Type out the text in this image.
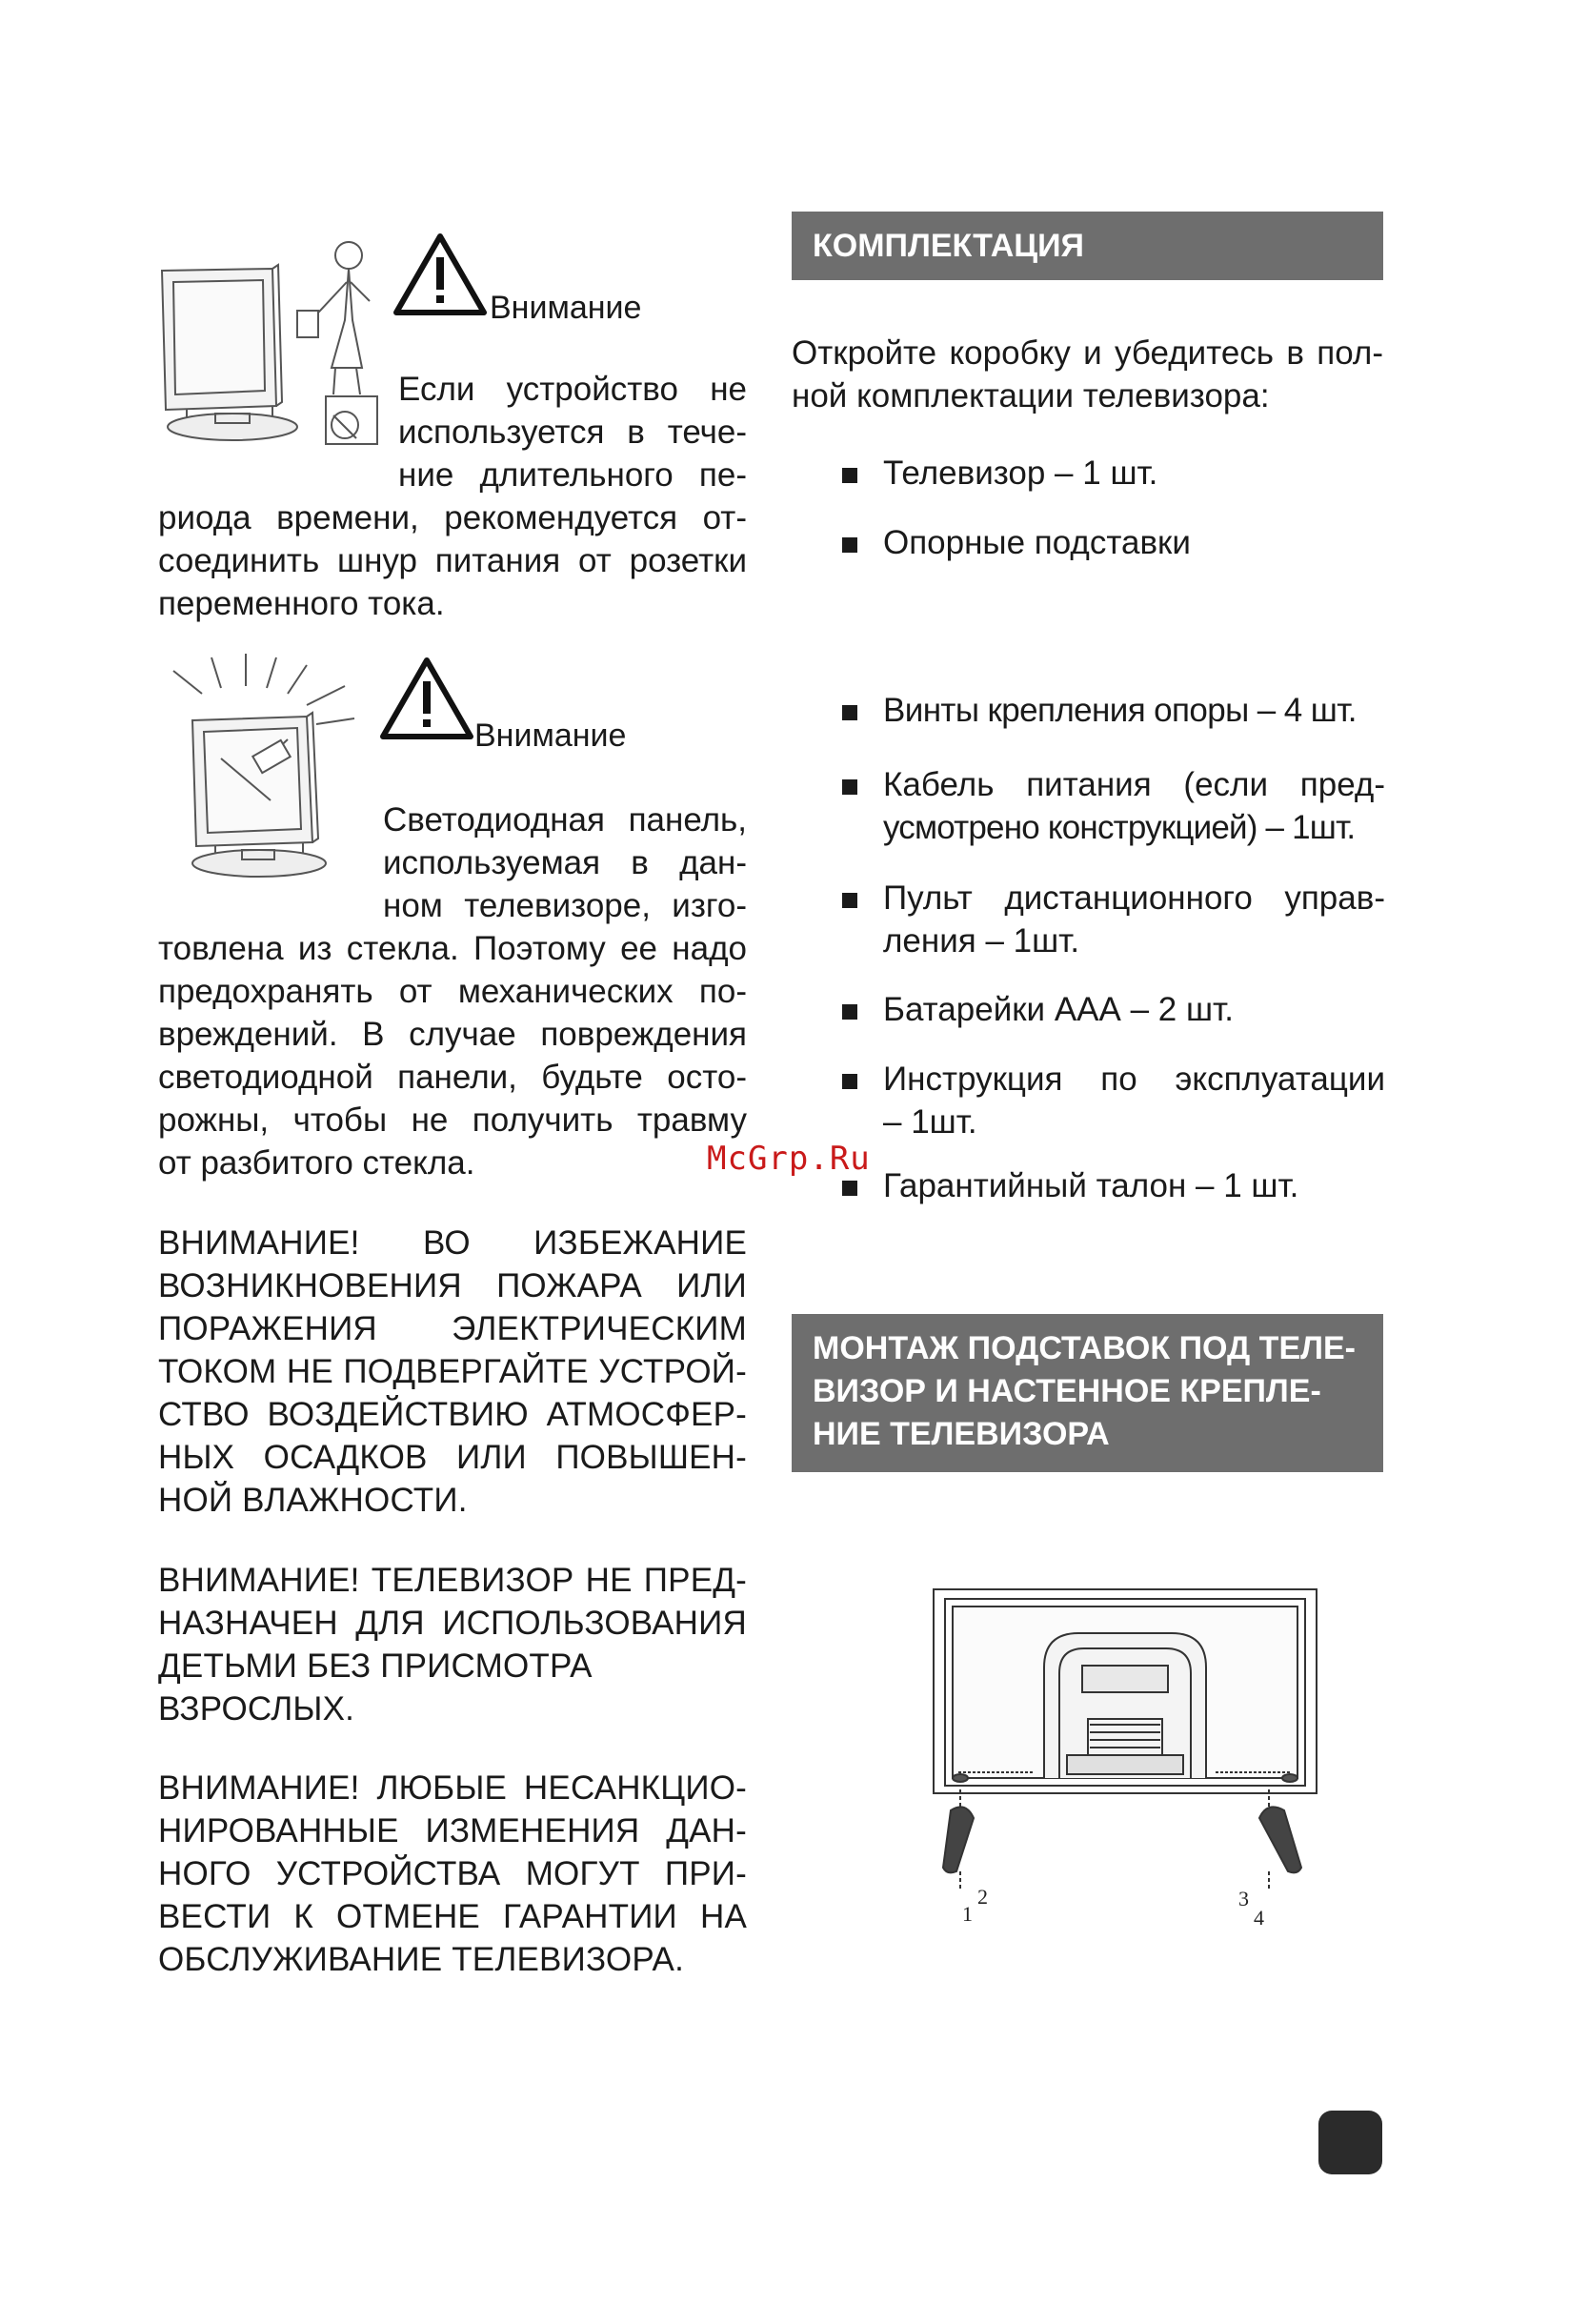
Внимание
Если устройство не
используется в тече-
ние длительного пе-
риода времени, рекомендуется от-
соединить шнур питания от розетки
переменного тока.
Внимание
Светодиодная панель,
используемая в дан-
ном телевизоре, изго-
товлена из стекла. Поэтому ее надо
предохранять от механических по-
вреждений. В случае повреждения
светодиодной панели, будьте осто-
рожны, чтобы не получить травму
от разбитого стекла.
ВНИМАНИЕ! ВО ИЗБЕЖАНИЕ
ВОЗНИКНОВЕНИЯ ПОЖАРА ИЛИ
ПОРАЖЕНИЯ ЭЛЕКТРИЧЕСКИМ
ТОКОМ НЕ ПОДВЕРГАЙТЕ УСТРОЙ-
СТВО ВОЗДЕЙСТВИЮ АТМОСФЕР-
НЫХ ОСАДКОВ ИЛИ ПОВЫШЕН-
НОЙ ВЛАЖНОСТИ.
ВНИМАНИЕ! ТЕЛЕВИЗОР НЕ ПРЕД-
НАЗНАЧЕН ДЛЯ ИСПОЛЬЗОВАНИЯ
ДЕТЬМИ БЕЗ ПРИСМОТРА
ВЗРОСЛЫХ.
ВНИМАНИЕ! ЛЮБЫЕ НЕСАНКЦИО-
НИРОВАННЫЕ ИЗМЕНЕНИЯ ДАН-
НОГО УСТРОЙСТВА МОГУТ ПРИ-
ВЕСТИ К ОТМЕНЕ ГАРАНТИИ НА
ОБСЛУЖИВАНИЕ ТЕЛЕВИЗОРА.
КОМПЛЕКТАЦИЯ
Откройте коробку и убедитесь в пол-
ной комплектации телевизора:
Телевизор – 1 шт.
Опорные подставки
Винты крепления опоры – 4 шт.
Кабель питания (если пред-
усмотрено конструкцией) – 1шт.
Пульт дистанционного управ-
ления – 1шт.
Батарейки ААА – 2 шт.
Инструкция по эксплуатации
– 1шт.
Гарантийный талон – 1 шт.
McGrp.Ru
МОНТАЖ ПОДСТАВОК ПОД ТЕЛЕ-
ВИЗОР И НАСТЕННОЕ КРЕПЛЕ-
НИЕ ТЕЛЕВИЗОРА
1
2	3
4
